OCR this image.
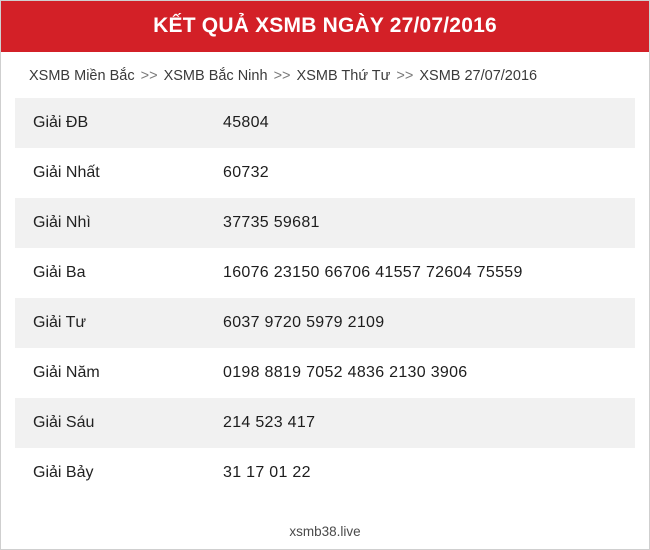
KẾT QUẢ XSMB NGÀY 27/07/2016
XSMB Miền Bắc >> XSMB Bắc Ninh >> XSMB Thứ Tư >> XSMB 27/07/2016
Giải ĐB	45804
Giải Nhất	60732
Giải Nhì	37735 59681
Giải Ba	16076 23150 66706 41557 72604 75559
Giải Tư	6037 9720 5979 2109
Giải Năm	0198 8819 7052 4836 2130 3906
Giải Sáu	214 523 417
Giải Bảy	31 17 01 22
xsmb38.live
